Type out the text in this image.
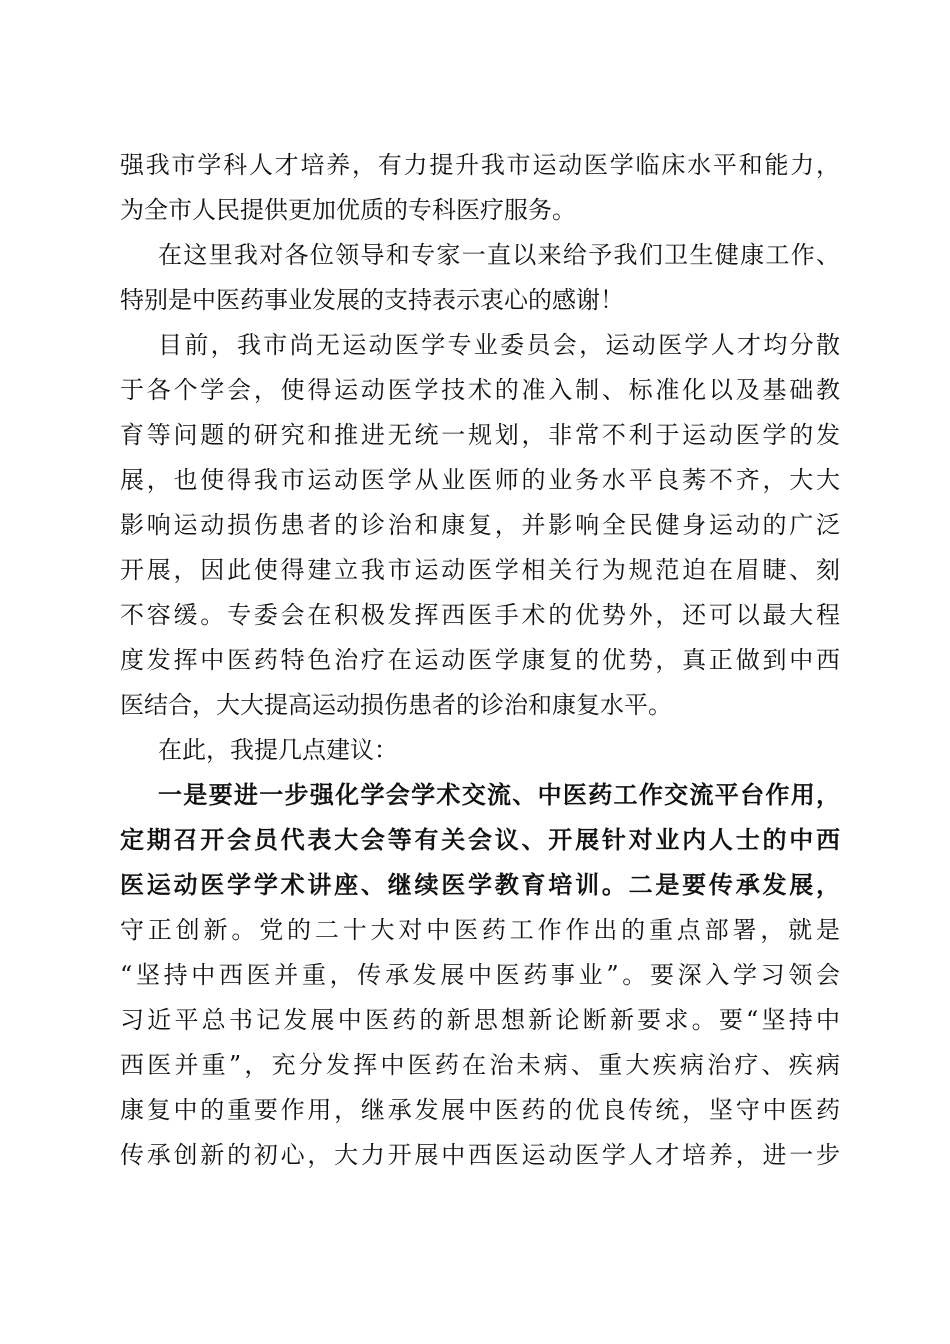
强我市学科人才培养，有力提升我市运动医学临床水平和能力，

为全市人民提供更加优质的专科医疗服务。

在这里我对各位领导和专家一直以来给予我们卫生健康工作、

特别是中医药事业发展的支持表示衷心的感谢！

目前，我市尚无运动医学专业委员会，运动医学人才均分散

于各个学会，使得运动医学技术的准入制、标准化以及基础教

育等问题的研究和推进无统一规划，非常不利于运动医学的发

展，也使得我市运动医学从业医师的业务水平良莠不齐，大大

影响运动损伤患者的诊治和康复，并影响全民健身运动的广泛

开展，因此使得建立我市运动医学相关行为规范迫在眉睫、刻

不容缓。专委会在积极发挥西医手术的优势外，还可以最大程

度发挥中医药特色治疗在运动医学康复的优势，真正做到中西

医结合，大大提高运动损伤患者的诊治和康复水平。

在此，我提几点建议：

一是要进一步强化学会学术交流、中医药工作交流平台作用，

定期召开会员代表大会等有关会议、开展针对业内人士的中西

医运动医学学术讲座、继续医学教育培训。二是要传承发展，

守正创新。党的二十大对中医药工作作出的重点部署，就是

“坚持中西医并重，传承发展中医药事业”。要深入学习领会

习近平总书记发展中医药的新思想新论断新要求。要“坚持中

西医并重”，充分发挥中医药在治未病、重大疾病治疗、疾病

康复中的重要作用，继承发展中医药的优良传统，坚守中医药

传承创新的初心，大力开展中西医运动医学人才培养，进一步
